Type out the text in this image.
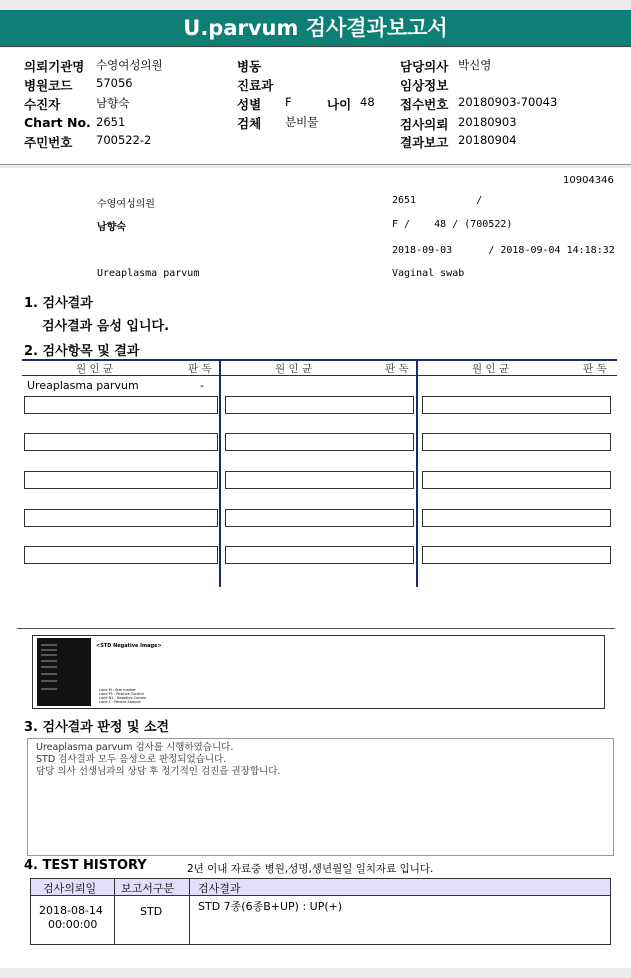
U.parvum 검사결과보고서
의뢰기관명 수영여성의원
병원코드 57056
수진자	남향숙
Chart No. 2651
주민번호 700522-2
병동
진료과
성별 F	나이 48
검체 분비물
담당의사 박신영
임상정보
접수번호 20180903-70043
검사의뢰 20180903
결과보고 20180904
10904346
수영여성의원	2651          /
남향숙	F /    48 / (700522)
2018-09-03      / 2018-09-04 14:18:32
Ureaplasma parvum	Vaginal swab
1. 검사결과
검사결과 음성 입니다.
2. 검사항목 및 결과
원 인 균	판 독	원 인 균	판 독	원 인 균	판 독
Ureaplasma parvum	-
<STD Negative Image>
Lane M : Size marker
Lane P1 : Positive Control
Lane N1 : Negative Control
Lane 1 : Patient Sample
3. 검사결과 판정 및 소견
Ureaplasma parvum 검사를 시행하였습니다.
STD 검사결과 모두 음성으로 판정되었습니다.
담당 의사 선생님과의 상담 후 정기적인 검진을 권장합니다.
4. TEST HISTORY	2년 이내 자료중 병원,성명,생년월일 일치자료 입니다.
검사의뢰일 보고서구분 검사결과
2018-08-14
00:00:00
STD	STD 7종(6종B+UP) : UP(+)
